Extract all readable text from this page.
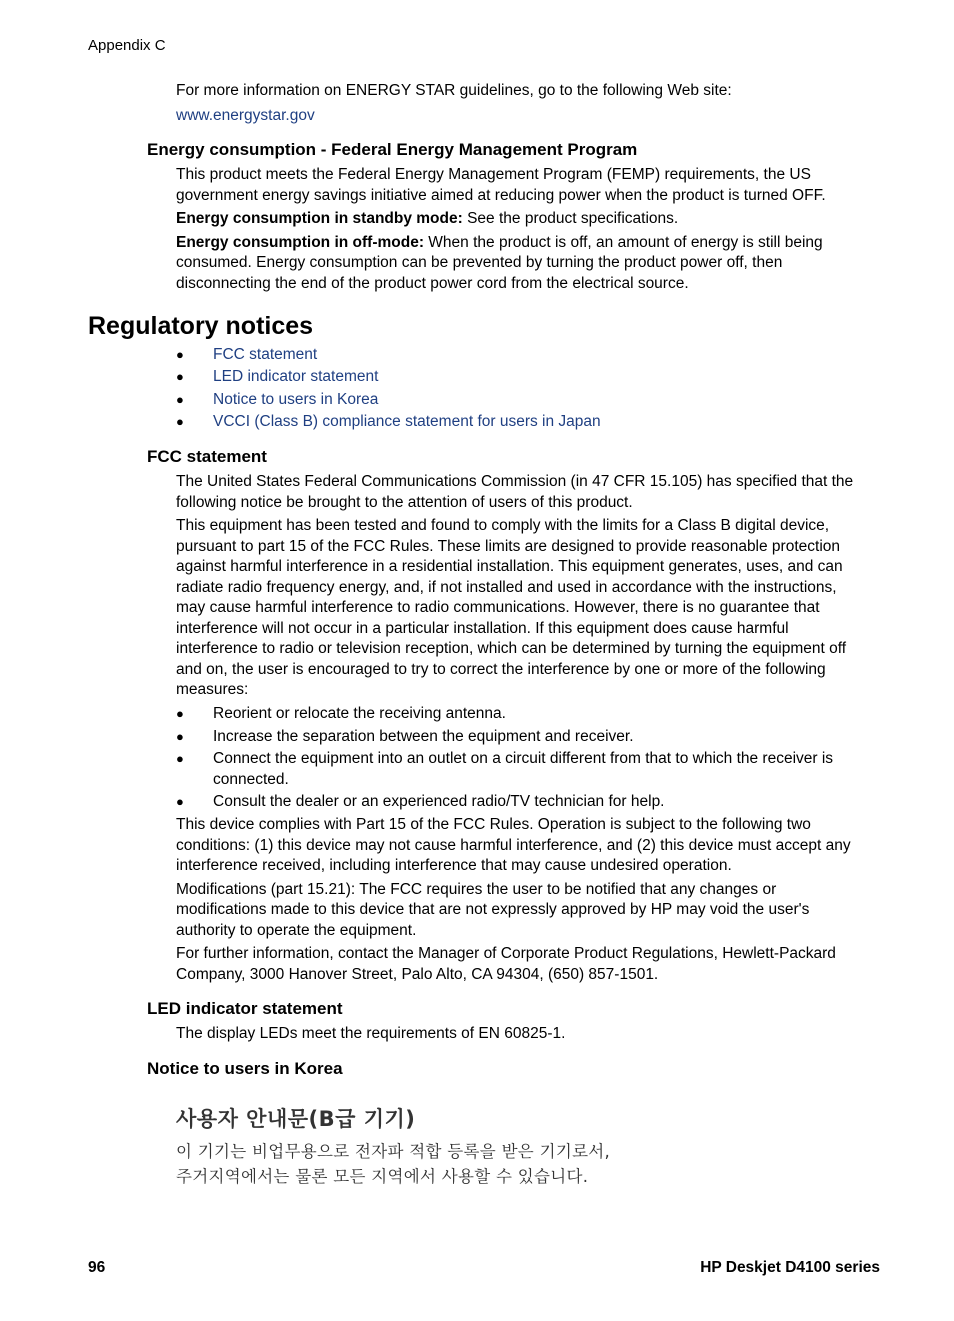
Appendix C

For more information on ENERGY STAR guidelines, go to the following Web site:

www.energystar.gov

Energy consumption - Federal Energy Management Program

This product meets the Federal Energy Management Program (FEMP) requirements, the US
government energy savings initiative aimed at reducing power when the product is turned OFF.

Energy consumption in standby mode: See the product specifications.

Energy consumption in off-mode: When the product is off, an amount of energy is still being
consumed. Energy consumption can be prevented by turning the product power off, then
disconnecting the end of the product power cord from the electrical source.

Regulatory notices
● FCC statement
● LED indicator statement
● Notice to users in Korea
● VCCI (Class B) compliance statement for users in Japan
FCC statement

The United States Federal Communications Commission (in 47 CFR 15.105) has specified that the
following notice be brought to the attention of users of this product.

This equipment has been tested and found to comply with the limits for a Class B digital device,
pursuant to part 15 of the FCC Rules. These limits are designed to provide reasonable protection
against harmful interference in a residential installation. This equipment generates, uses, and can
radiate radio frequency energy, and, if not installed and used in accordance with the instructions,
may cause harmful interference to radio communications. However, there is no guarantee that
interference will not occur in a particular installation. If this equipment does cause harmful
interference to radio or television reception, which can be determined by turning the equipment off
and on, the user is encouraged to try to correct the interference by one or more of the following
measures:

● Reorient or relocate the receiving antenna.
● Increase the separation between the equipment and receiver.
● Connect the equipment into an outlet on a circuit different from that to which the receiver is connected.
● Consult the dealer or an experienced radio/TV technician for help.

This device complies with Part 15 of the FCC Rules. Operation is subject to the following two
conditions: (1) this device may not cause harmful interference, and (2) this device must accept any
interference received, including interference that may cause undesired operation.

Modifications (part 15.21): The FCC requires the user to be notified that any changes or
modifications made to this device that are not expressly approved by HP may void the user's
authority to operate the equipment.

For further information, contact the Manager of Corporate Product Regulations, Hewlett-Packard
Company, 3000 Hanover Street, Palo Alto, CA 94304, (650) 857-1501.

LED indicator statement
The display LEDs meet the requirements of EN 60825-1.
Notice to users in Korea
사용자 안내문(B급 기기)
이 기기는 비업무용으로 전자파 적합 등록을 받은 기기로서,
주거지역에서는 물론 모든 지역에서 사용할 수 있습니다.
96	HP Deskjet D4100 series
